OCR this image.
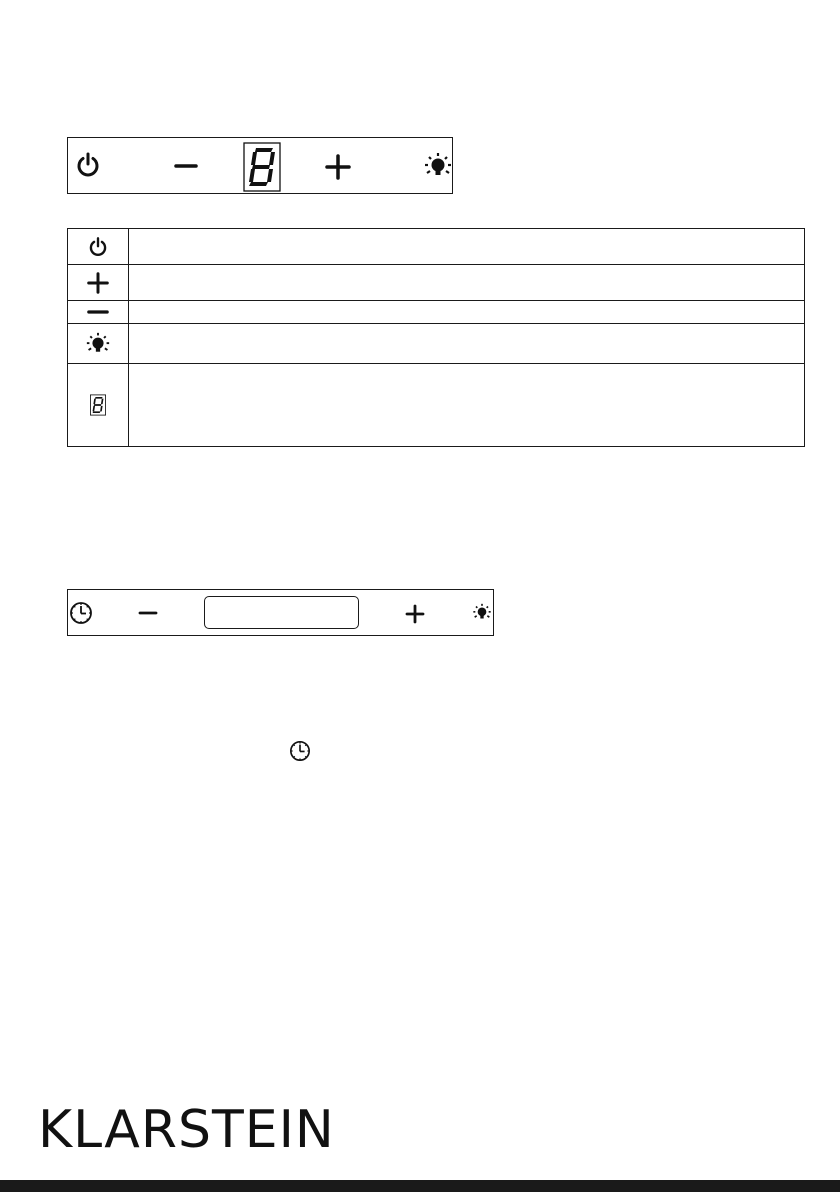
KLARSTEIN
